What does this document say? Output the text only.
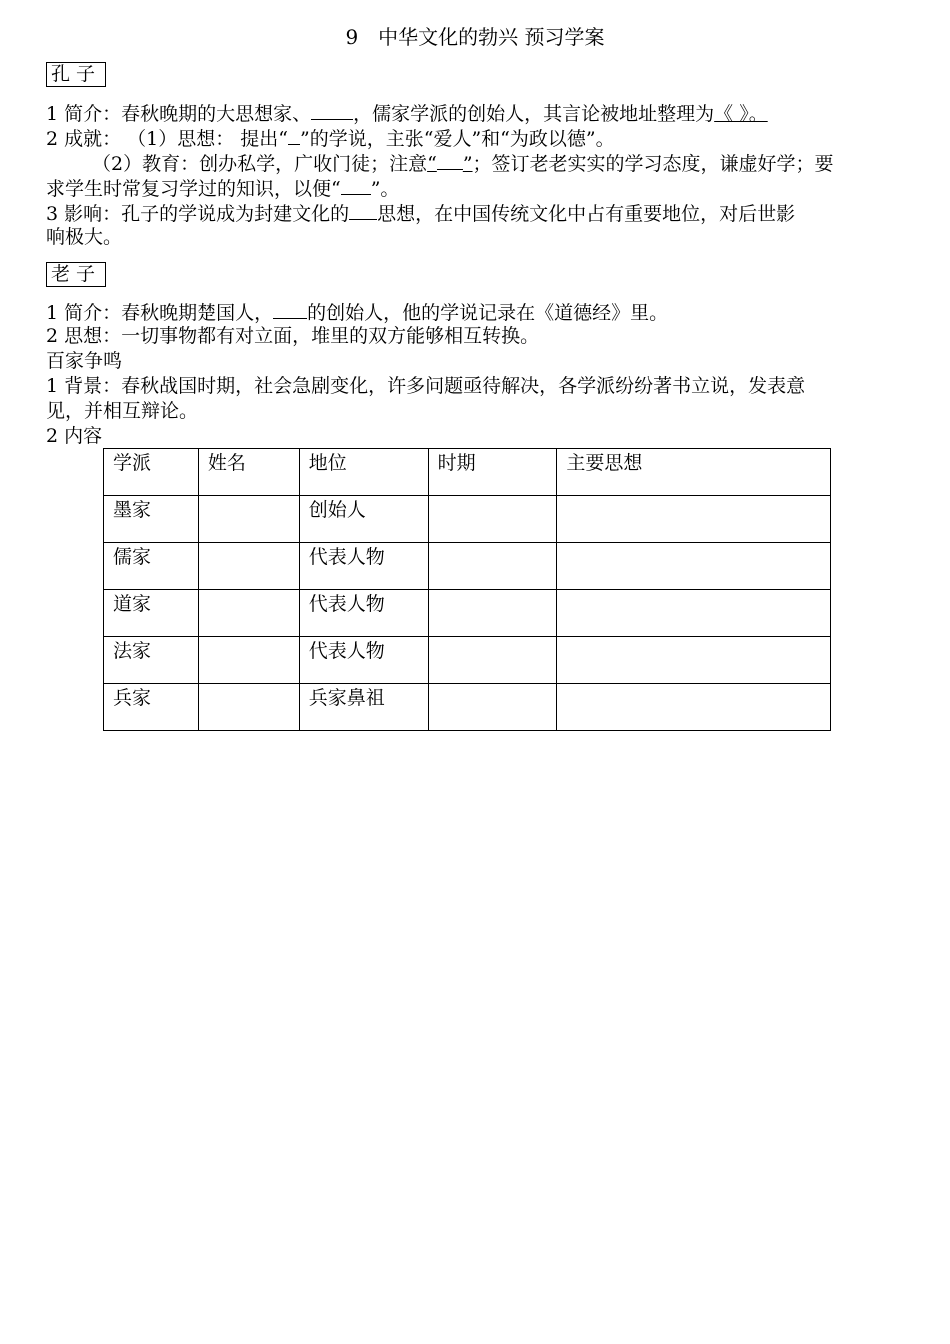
9　中华文化的勃兴 预习学案
孔子
1 简介：春秋晚期的大思想家、 ，儒家学派的创始人，其言论被地址整理为《 》。
2 成就： （1）思想： 提出“ ”的学说，主张“爱人”和“为政以德”。
（2）教育：创办私学，广收门徒；注意“ ”；签订老老实实的学习态度，谦虚好学；要
求学生时常复习学过的知识，以便“ ”。
3 影响：孔子的学说成为封建文化的 思想，在中国传统文化中占有重要地位，对后世影
响极大。
老子
1 简介：春秋晚期楚国人， 的创始人，他的学说记录在《道德经》里。
2 思想：一切事物都有对立面，堆里的双方能够相互转换。
百家争鸣
1 背景：春秋战国时期，社会急剧变化，许多问题亟待解决，各学派纷纷著书立说，发表意
见，并相互辩论。
2 内容
学派	姓名	地位	时期	主要思想
墨家		创始人		
儒家		代表人物		
道家		代表人物		
法家		代表人物		
兵家		兵家鼻祖		
